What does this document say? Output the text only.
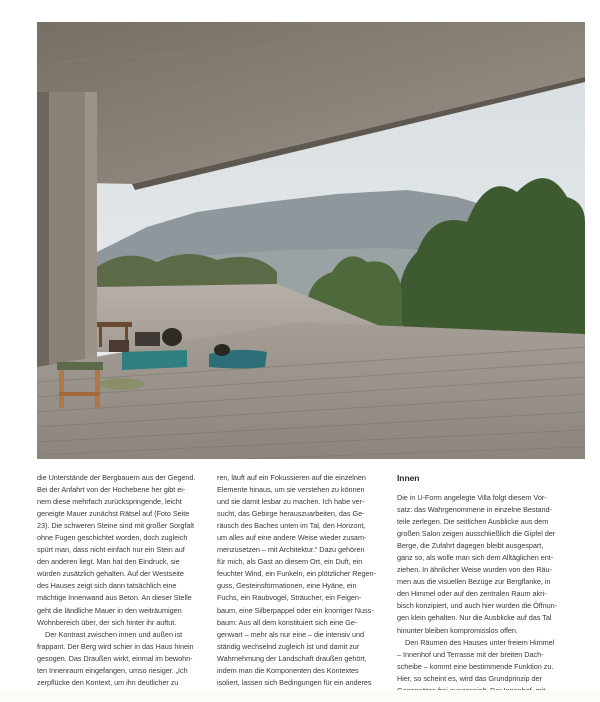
die Unterstände der Bergbauern aus der Gegend.
Bei der Anfahrt von der Hochebene her gibt ei-
nem diese mehrfach zurückspringende, leicht
geneigte Mauer zunächst Rätsel auf (Foto Seite
23). Die schweren Steine sind mit großer Sorgfalt
ohne Fugen geschichtet worden, doch zugleich
spürt man, dass nicht einfach nur ein Stein auf
den anderen liegt. Man hat den Eindruck, sie
würden zusätzlich gehalten. Auf der Westseite
des Hauses zeigt sich dann tatsächlich eine
mächtige Innenwand aus Beton. An dieser Stelle
geht die ländliche Mauer in den weiträumigen
Wohnbereich über, der sich hinter ihr auftut.
Der Kontrast zwischen innen und außen ist
frappant. Der Berg wird schier in das Haus hinein
gesogen. Das Draußen wirkt, einmal im bewohn-
ten Innenraum eingefangen, umso riesiger. „Ich
zerpflücke den Kontext, um ihn deutlicher zu
ren, läuft auf ein Fokussieren auf die einzelnen
Elemente hinaus, um sie verstehen zu können
und sie damit lesbar zu machen. Ich habe ver-
sucht, das Gebirge herauszuarbeiten, das Ge-
räusch des Baches unten im Tal, den Horizont,
um alles auf eine andere Weise wieder zusam-
menzusetzen – mit Architektur.“ Dazu gehören
für mich, als Gast an diesem Ort, ein Duft, ein
feuchter Wind, ein Funkeln, ein plötzlicher Regen-
guss, Gesteinsformationen, eine Hyäne, ein
Fuchs, ein Raubvogel, Sträucher, ein Feigen-
baum, eine Silberpappel oder ein knorriger Nuss-
baum: Aus all dem konstituiert sich eine Ge-
genwart – mehr als nur eine – die intensiv und
ständig wechselnd zugleich ist und damit zur
Wahrnehmung der Landschaft draußen gehört,
indem man die Komponenten des Kontextes
isoliert, lassen sich Bedingungen für ein anderes
Innen
Die in U-Form angelegte Villa folgt diesem Vor-
satz: das Wahrgenommene in einzelne Bestand-
teile zerlegen. Die seitlichen Ausblicke aus dem
großen Salon zeigen ausschließlich die Gipfel der
Berge, die Zufahrt dagegen bleibt ausgespart,
ganz so, als wolle man sich dem Alltäglichen ent-
ziehen. In ähnlicher Weise wurden von den Räu-
men aus die visuellen Bezüge zur Bergflanke, in
den Himmel oder auf den zentralen Raum akri-
bisch konzipiert, und auch hier wurden die Öffnun-
gen klein gehalten. Nur die Ausblicke auf das Tal
hinunter bleiben kompromisslos offen.
Den Räumen des Hauses unter freiem Himmel
– Innenhof und Terrasse mit der breiten Dach-
scheibe – kommt eine bestimmende Funktion zu.
Hier, so scheint es, wird das Grundprinzip der
